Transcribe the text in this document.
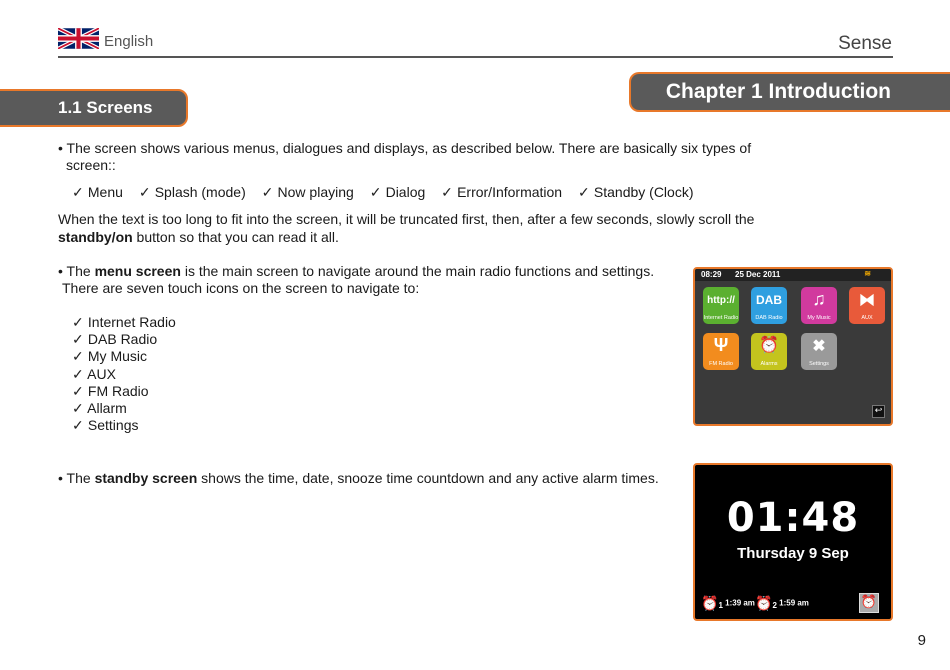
English	Sense
Chapter 1 Introduction
1.1 Screens
• The screen shows various menus, dialogues and displays, as described below. There are basically six types of
screen::
✓ Menu ✓ Splash (mode) ✓ Now playing ✓ Dialog ✓ Error/Information ✓ Standby (Clock)
When the text is too long to fit into the screen, it will be truncated first, then, after a few seconds, slowly scroll the
standby/on button so that you can read it all.
• The menu screen is the main screen to navigate around the main radio functions and settings.
There are seven touch icons on the screen to navigate to:
✓ Internet Radio
✓ DAB Radio
✓ My Music
✓ AUX
✓ FM Radio
✓ Allarm
✓ Settings
• The standby screen shows the time, date, snooze time countdown and any active alarm times.
08:29 25 Dec 2011	≋
http://
Internet Radio
DAB
DAB Radio
♫
My Music
⧓
AUX
Ψ
FM Radio
⏰
Alarms
✖
Settings
↩
01:48
Thursday 9 Sep
$⏰_1$ 1:39 am $⏰_2$ 1:59 am	⏰
9
